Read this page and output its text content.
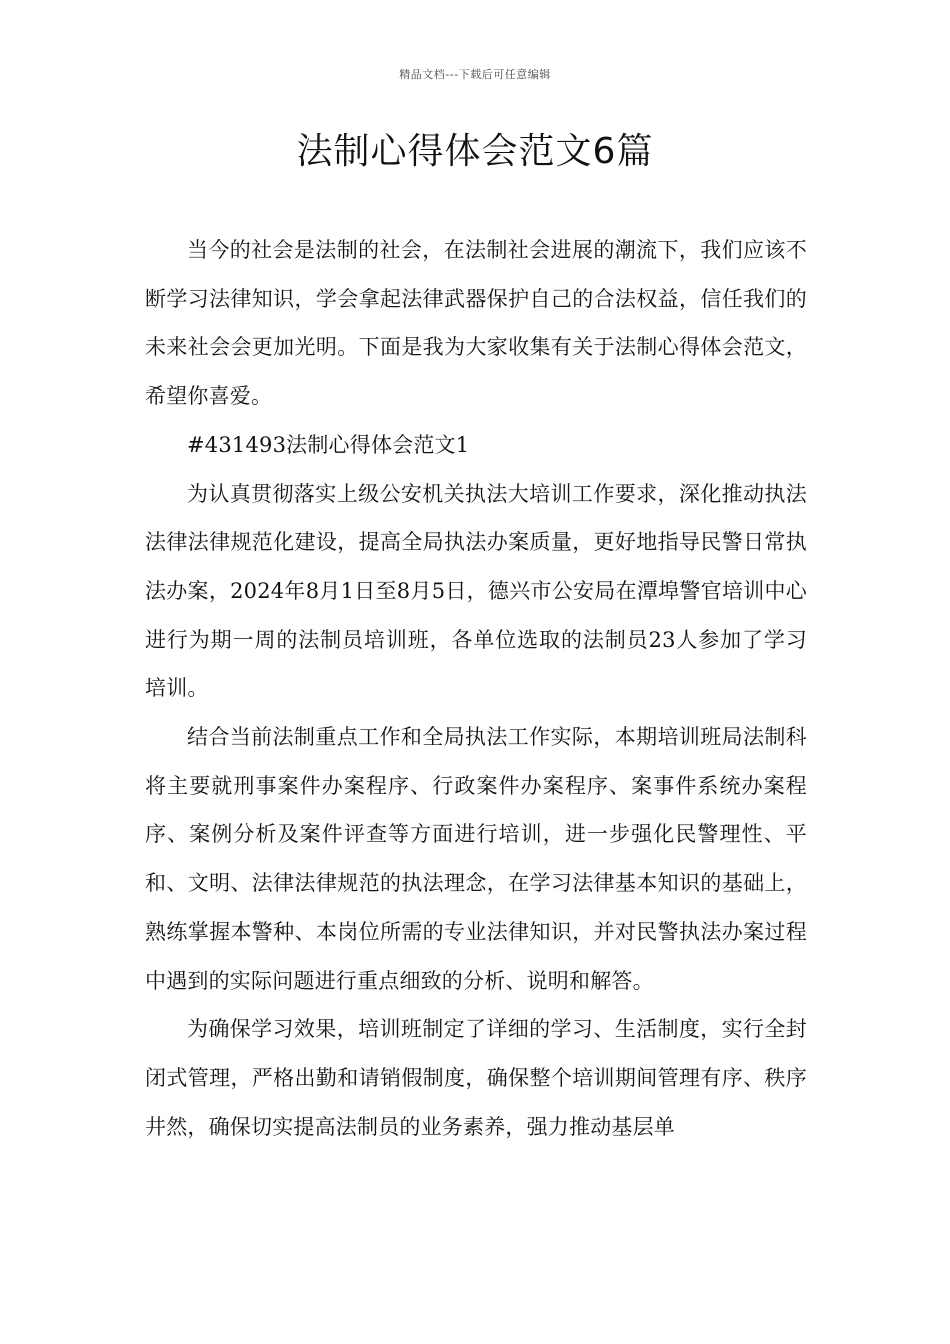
精品文档---下载后可任意编辑
法制心得体会范文6篇

当今的社会是法制的社会，在法制社会进展的潮流下，我们应该不断学习法律知识，学会拿起法律武器保护自己的合法权益，信任我们的未来社会会更加光明。下面是我为大家收集有关于法制心得体会范文，希望你喜爱。

#431493法制心得体会范文1

为认真贯彻落实上级公安机关执法大培训工作要求，深化推动执法法律法律规范化建设，提高全局执法办案质量，更好地指导民警日常执法办案，2024年8月1日至8月5日，德兴市公安局在潭埠警官培训中心进行为期一周的法制员培训班，各单位选取的法制员23人参加了学习培训。

结合当前法制重点工作和全局执法工作实际，本期培训班局法制科将主要就刑事案件办案程序、行政案件办案程序、案事件系统办案程序、案例分析及案件评查等方面进行培训，进一步强化民警理性、平和、文明、法律法律规范的执法理念，在学习法律基本知识的基础上，熟练掌握本警种、本岗位所需的专业法律知识，并对民警执法办案过程中遇到的实际问题进行重点细致的分析、说明和解答。

为确保学习效果，培训班制定了详细的学习、生活制度，实行全封闭式管理，严格出勤和请销假制度，确保整个培训期间管理有序、秩序井然，确保切实提高法制员的业务素养，强力推动基层单
